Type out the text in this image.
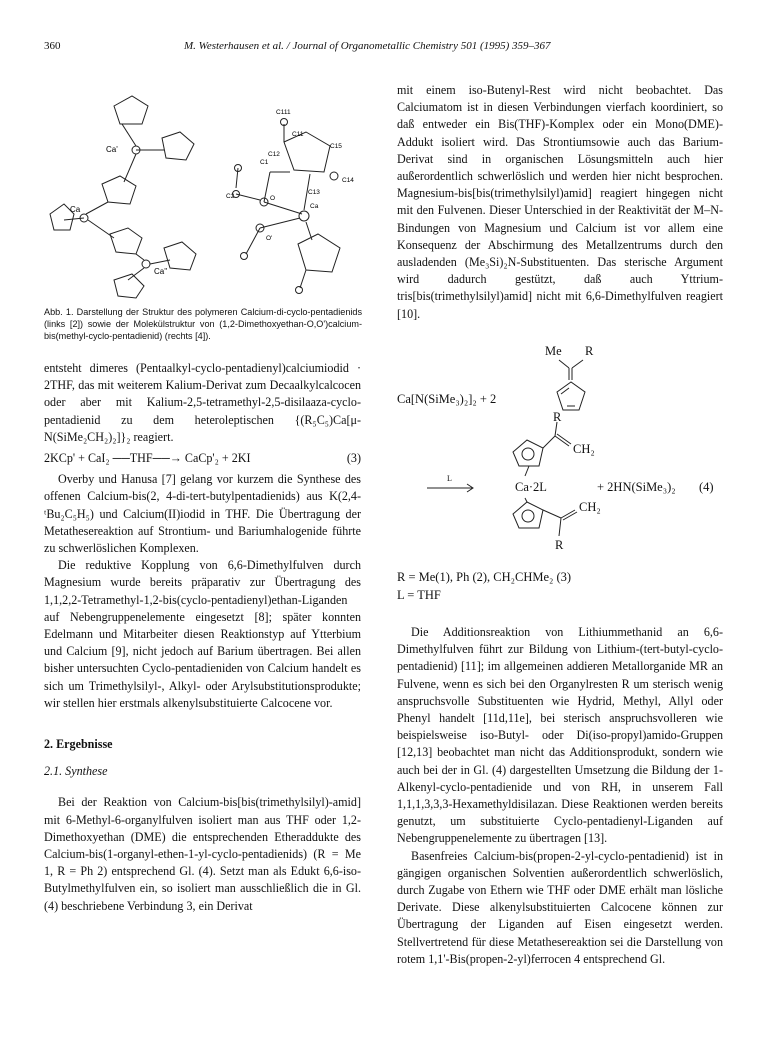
360	M. Westerhausen et al. / Journal of Organometallic Chemistry 501 (1995) 359–367
Ca'
Ca
Ca''
C111
C11
C12
C1
C15
C2	O
C13
C14
Ca
O'
Abb. 1. Darstellung der Struktur des polymeren Calcium-di-cyclo-pentadienids (links [2]) sowie der Molekülstruktur von (1,2-Dimethoxyethan-O,O')calcium-bis(methyl-cyclo-pentadienid) (rechts [4]).

entsteht dimeres (Pentaalkyl-cyclo-pentadienyl)calciumiodid · 2THF, das mit weiterem Kalium-Derivat zum Decaalkylcalcocen oder aber mit Kalium-2,5-tetramethyl-2,5-disilaaza-cyclo-pentadienid zu dem heteroleptischen {(R₅C₅)Ca[μ-N(SiMe₂CH₂)₂]}₂ reagiert.

2KCp' + CaI₂ ──THF──→ CaCp'₂ + 2KI	(3)

Overby und Hanusa [7] gelang vor kurzem die Synthese des offenen Calcium-bis(2, 4-di-tert-butylpentadienids) aus K(2,4-ᵗBu₂C₅H₅) und Calcium(II)iodid in THF. Die Übertragung der Metathesereaktion auf Strontium- und Bariumhalogenide führte zu schwerlöslichen Komplexen.

Die reduktive Kopplung von 6,6-Dimethylfulven durch Magnesium wurde bereits präparativ zur Übertragung des 1,1,2,2-Tetramethyl-1,2-bis(cyclo-pentadienyl)ethan-Liganden auf Nebengruppenelemente eingesetzt [8]; später konnten Edelmann und Mitarbeiter diesen Reaktionstyp auf Ytterbium und Calcium [9], nicht jedoch auf Barium übertragen. Bei allen bisher untersuchten Cyclo-pentadieniden von Calcium handelt es sich um Trimethylsilyl-, Alkyl- oder Arylsubstitutionsprodukte; wir stellen hier erstmals alkenylsubstituierte Calcocene vor.

2. Ergebnisse

2.1. Synthese

Bei der Reaktion von Calcium-bis[bis(trimethylsilyl)-amid] mit 6-Methyl-6-organylfulven isoliert man aus THF oder 1,2-Dimethoxyethan (DME) die entsprechenden Etheraddukte des Calcium-bis(1-organyl-ethen-1-yl-cyclo-pentadienids) (R = Me 1, R = Ph 2) entsprechend Gl. (4). Setzt man als Edukt 6,6-iso-Butylmethylfulven ein, so isoliert man ausschließlich die in Gl. (4) beschriebene Verbindung 3, ein Derivat

mit einem iso-Butenyl-Rest wird nicht beobachtet. Das Calciumatom ist in diesen Verbindungen vierfach koordiniert, so daß entweder ein Bis(THF)-Komplex oder ein Mono(DME)-Addukt isoliert wird. Das Strontiumsowie auch das Barium-Derivat sind in organischen Lösungsmitteln auch hier außerordentlich schwerlöslich und werden hier nicht besprochen. Magnesium-bis[bis(trimethylsilyl)amid] reagiert hingegen nicht mit den Fulvenen. Dieser Unterschied in der Reaktivität der M–N-Bindungen von Magnesium und Calcium ist vor allem eine Konsequenz der Abschirmung des Metallzentrums durch den ausladenden (Me₃Si)₂N-Substituenten. Das sterische Argument wird dadurch gestützt, daß auch Yttrium-tris[bis(trimethylsilyl)amid] nicht mit 6,6-Dimethylfulven reagiert [10].

Me R
Ca[N(SiMe₃)₂]₂ + 2
R
CH₂
L
Ca·2L	+ 2HN(SiMe₃)₂ (4)
CH₂
R
R = Me(1), Ph (2), CH₂CHMe₂ (3)
L = THF

Die Additionsreaktion von Lithiummethanid an 6,6-Dimethylfulven führt zur Bildung von Lithium-(tert-butyl-cyclo-pentadienid) [11]; im allgemeinen addieren Metallorganide MR an Fulvene, wenn es sich bei den Organylresten R um sterisch wenig anspruchsvolle Substituenten wie Hydrid, Methyl, Allyl oder Phenyl handelt [11d,11e], bei sterisch anspruchsvolleren wie beispielsweise iso-Butyl- oder Di(iso-propyl)amido-Gruppen [12,13] beobachtet man nicht das Additionsprodukt, sondern wie auch bei der in Gl. (4) dargestellten Umsetzung die Bildung der 1-Alkenyl-cyclo-pentadienide und von RH, in unserem Fall 1,1,1,3,3,3-Hexamethyldisilazan. Diese Reaktionen werden bereits genutzt, um substituierte Cyclo-pentadienyl-Liganden auf Nebengruppenelemente zu übertragen [13].

Basenfreies Calcium-bis(propen-2-yl-cyclo-pentadienid) ist in gängigen organischen Solventien außerordentlich schwerlöslich, durch Zugabe von Ethern wie THF oder DME erhält man lösliche Derivate. Diese alkenylsubstituierten Calcocene können zur Übertragung der Liganden auf Eisen eingesetzt werden. Stellvertretend für diese Metathesereaktion sei die Darstellung von rotem 1,1'-Bis(propen-2-yl)ferrocen 4 entsprechend Gl.
